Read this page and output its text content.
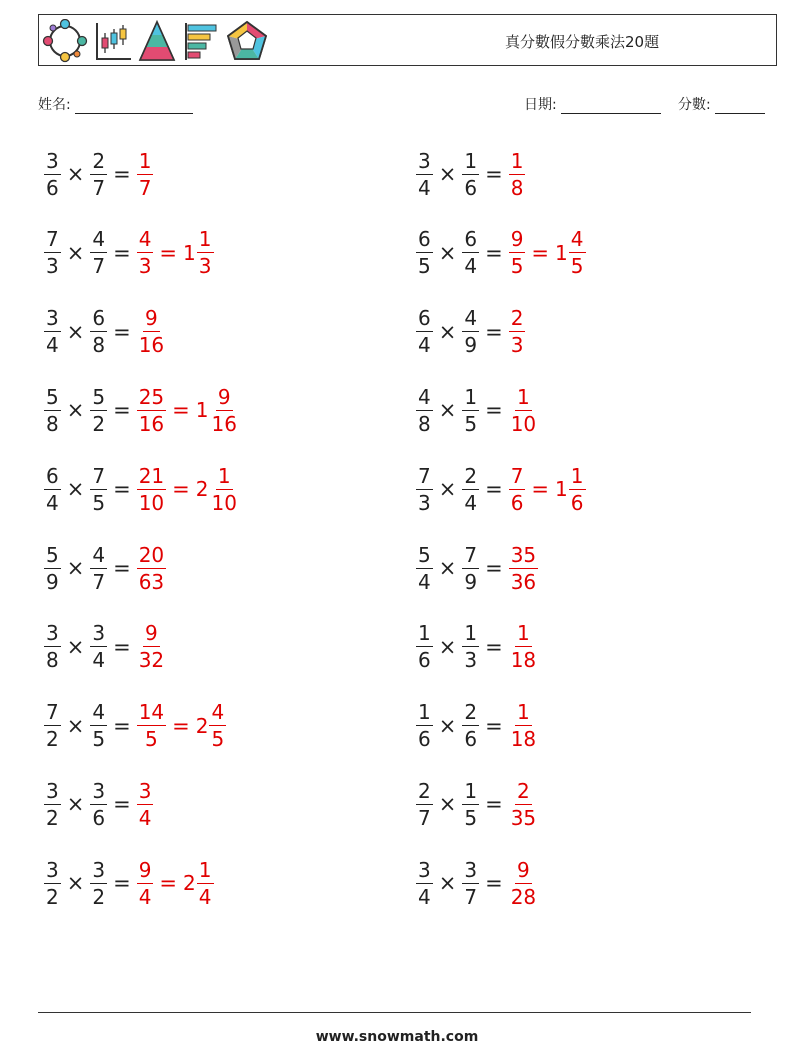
真分數假分數乘法20題
姓名:	日期:	分數:
$\frac{3}{6} \times \frac{2}{7} = \frac{1}{7}$	$\frac{3}{4} \times \frac{1}{6} = \frac{1}{8}$
$\frac{7}{3} \times \frac{4}{7} = \frac{4}{3} = 1 \frac{1}{3}$	$\frac{6}{5} \times \frac{6}{4} = \frac{9}{5} = 1 \frac{4}{5}$
$\frac{3}{4} \times \frac{6}{8} = \frac{9}{16}$	$\frac{6}{4} \times \frac{4}{9} = \frac{2}{3}$
$\frac{5}{8} \times \frac{5}{2} = \frac{25}{16} = 1 \frac{9}{16}$	$\frac{4}{8} \times \frac{1}{5} = \frac{1}{10}$
$\frac{6}{4} \times \frac{7}{5} = \frac{21}{10} = 2 \frac{1}{10}$	$\frac{7}{3} \times \frac{2}{4} = \frac{7}{6} = 1 \frac{1}{6}$
$\frac{5}{9} \times \frac{4}{7} = \frac{20}{63}$	$\frac{5}{4} \times \frac{7}{9} = \frac{35}{36}$
$\frac{3}{8} \times \frac{3}{4} = \frac{9}{32}$	$\frac{1}{6} \times \frac{1}{3} = \frac{1}{18}$
$\frac{7}{2} \times \frac{4}{5} = \frac{14}{5} = 2 \frac{4}{5}$	$\frac{1}{6} \times \frac{2}{6} = \frac{1}{18}$
$\frac{3}{2} \times \frac{3}{6} = \frac{3}{4}$	$\frac{2}{7} \times \frac{1}{5} = \frac{2}{35}$
$\frac{3}{2} \times \frac{3}{2} = \frac{9}{4} = 2 \frac{1}{4}$	$\frac{3}{4} \times \frac{3}{7} = \frac{9}{28}$
www.snowmath.com
